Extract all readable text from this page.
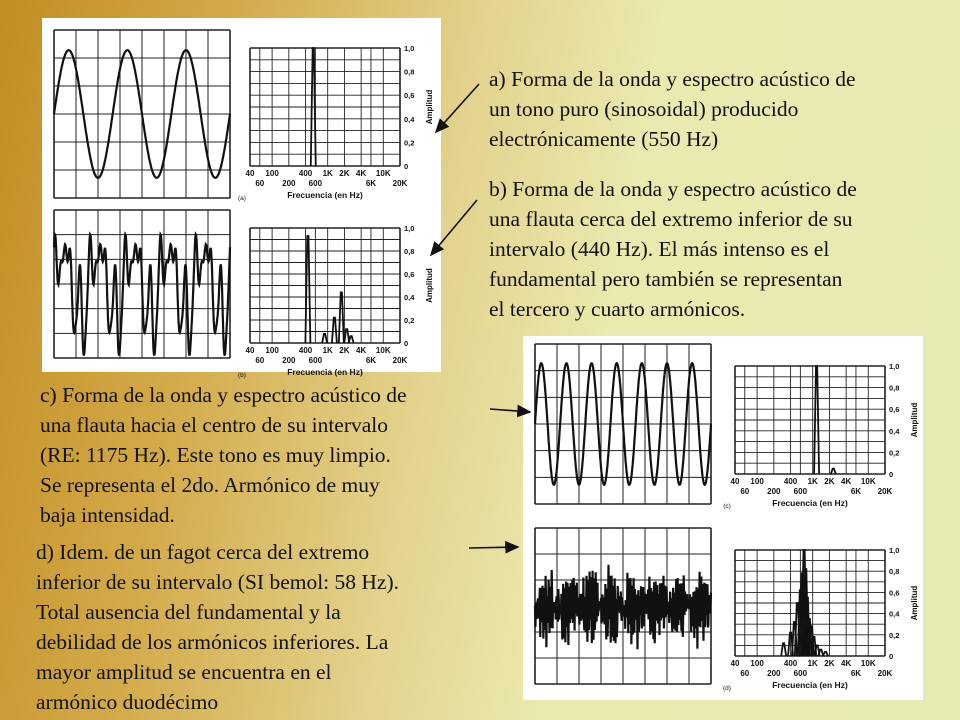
40 100	400 1K 2K 4K 10K
60 200 600	6K 20K
0
0,2
0,4
0,6
0,8
1,0
Frecuencia (en Hz)
Amplitud
(a)
40 100	400 1K 2K 4K 10K
60 200 600	6K 20K
0
0,2
0,4
0,6
0,8
1,0
Frecuencia (en Hz)
Amplitud
(b)
40 100	400 1K 2K 4K 10K
60 200 600	6K 20K
0
0,2
0,4
0,6
0,8
1,0
Frecuencia (en Hz)
Amplitud
(c)
40 100	400 1K 2K 4K 10K
60 200 600	6K 20K
0
0,2
0,4
0,6
0,8
1,0
Frecuencia (en Hz)
Amplitud
(d)
a) Forma de la onda y espectro acústico de
un tono puro (sinosoidal) producido
electrónicamente (550 Hz)
b) Forma de la onda y espectro acústico de
una flauta cerca del extremo inferior de su
intervalo (440 Hz). El más intenso es el
fundamental pero también se representan
el tercero y cuarto armónicos.
c) Forma de la onda y espectro acústico de
una flauta hacia el centro de su intervalo
(RE: 1175 Hz). Este tono es muy limpio.
Se representa el 2do. Armónico de muy
baja intensidad.
d) Idem. de un fagot cerca del extremo
inferior de su intervalo (SI bemol: 58 Hz).
Total ausencia del fundamental y la
debilidad de los armónicos inferiores. La
mayor amplitud se encuentra en el
armónico duodécimo
